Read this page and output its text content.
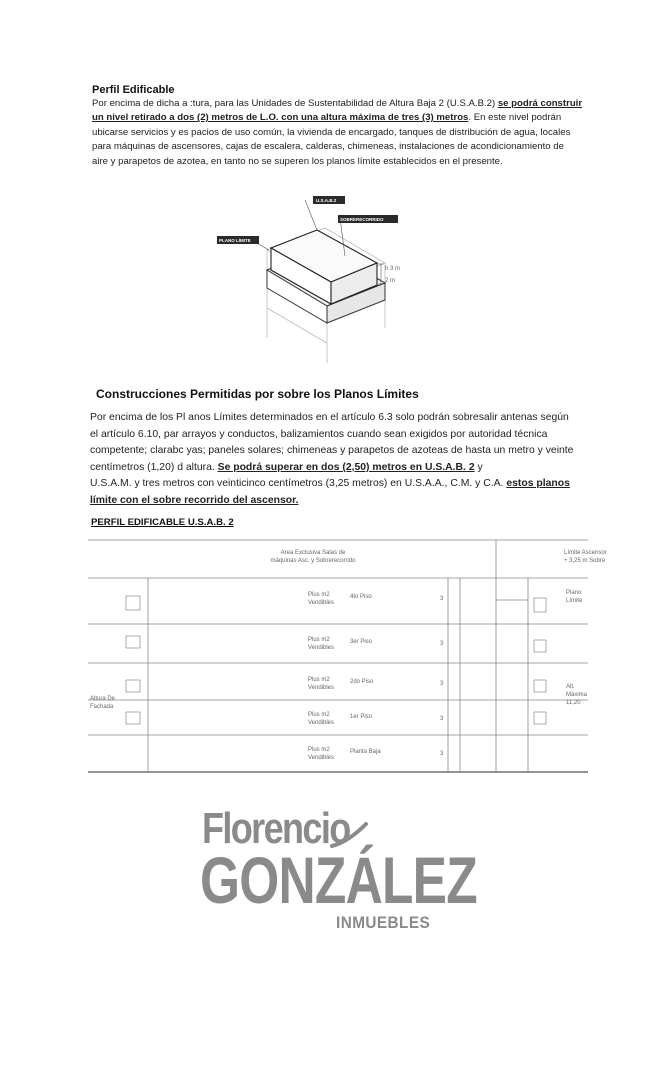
Perfil Edificable
Por encima de dicha a :tura, para las Unidades de Sustentabilidad de Altura Baja 2 (U.S.A.B.2) se podrá construir
un nivel retirado a dos (2) metros de L.O. con una altura máxima de tres (3) metros. En este nivel podrán
ubicarse servicios y es pacios de uso común, la vivienda de encargado, tanques de distribución de agua, locales
para máquinas de ascensores, cajas de escalera, calderas, chimeneas, instalaciones de acondicionamiento de
aire y parapetos de azotea, en tanto no se superen los planos límite establecidos en el presente.
h 3 m
2 m
U.S.A.B.2
SOBRERECORRIDO
PLANO LÍMITE
Construcciones Permitidas por sobre los Planos Límites
Por encima de los Pl anos Límites determinados en el artículo 6.3 solo podrán sobresalir antenas según
el artículo 6.10, par arrayos y conductos, balizamientos cuando sean exigidos por autoridad técnica
competente; clarabc yas; paneles solares; chimeneas y parapetos de azoteas de hasta un metro y veinte
centímetros (1,20) d altura. Se podrá superar en dos (2,50) metros en U.S.A.B. 2 y
U.S.A.M. y tres metros con veinticinco centímetros (3,25 metros) en U.S.A.A., C.M. y C.A. estos planos
límite con el sobre recorrido del ascensor.
PERFIL EDIFICABLE U.S.A.B. 2
Area Exclusiva Salas de
máquinas Asc. y Sobrerecorrido
Límite Ascensor
+ 3,25 m Sobre
Altura De
Fachada
Alt.
Máxima
11,20
Plano
Límite
Plus m2
Vendibles
4to Piso	3
Plus m2
Vendibles
3er Piso	3
Plus m2
Vendibles
2do Piso	3
Plus m2
Vendibles
1er Piso	3
Plus m2
Vendibles
Planta Baja	3
Florencio
GONZÁLEZ
INMUEBLES
